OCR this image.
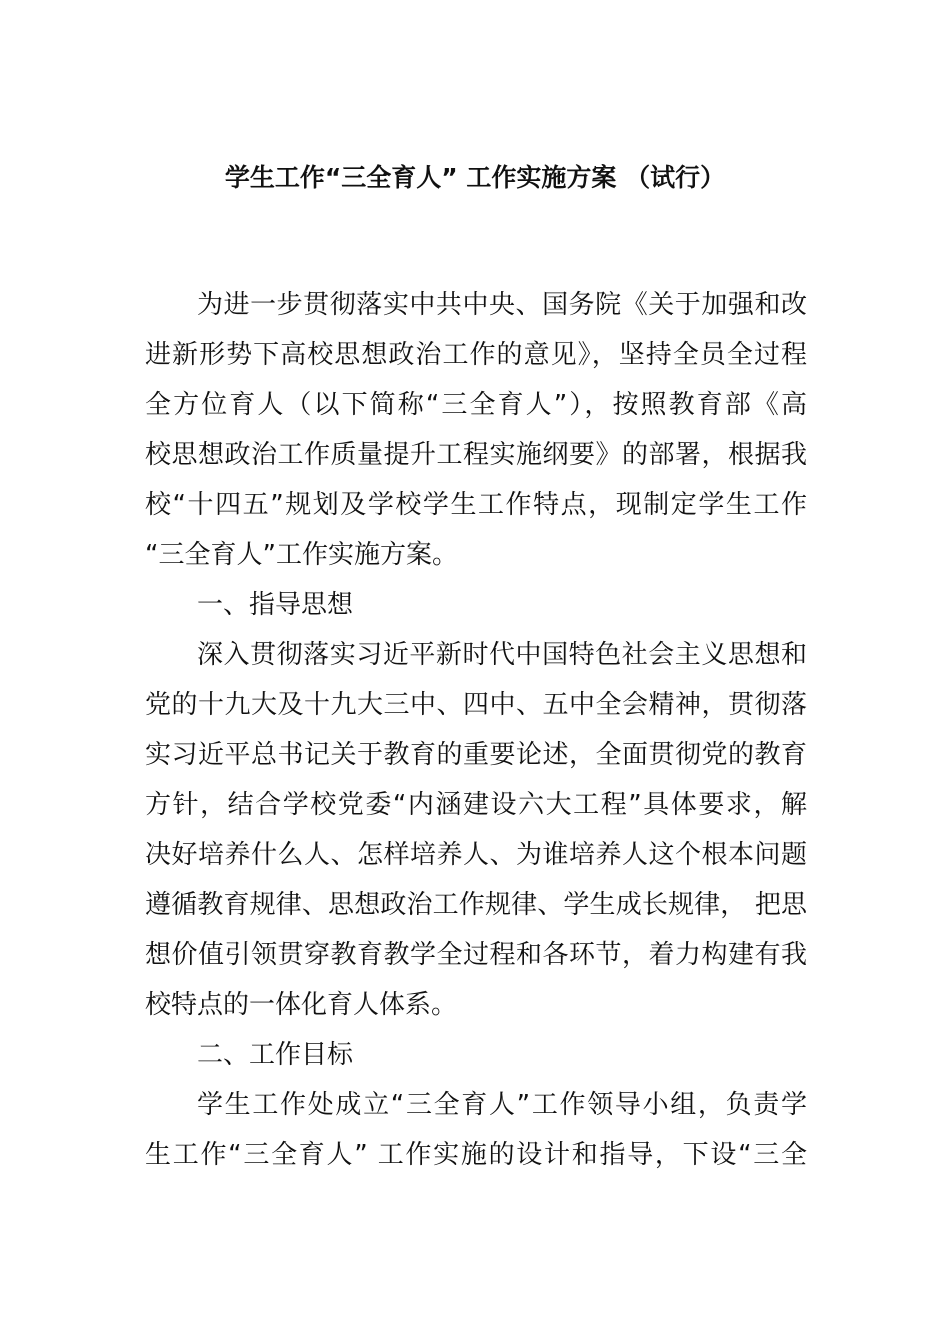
学生工作“三全育人” 工作实施方案 （试行）
为进一步贯彻落实中共中央、国务院《关于加强和改
进新形势下高校思想政治工作的意见》，坚持全员全过程
全方位育人（以下简称“三全育人”），按照教育部《高
校思想政治工作质量提升工程实施纲要》的部署，根据我
校“十四五”规划及学校学生工作特点，现制定学生工作
“三全育人”工作实施方案。
一、指导思想
深入贯彻落实习近平新时代中国特色社会主义思想和
党的十九大及十九大三中、四中、五中全会精神，贯彻落
实习近平总书记关于教育的重要论述，全面贯彻党的教育
方针，结合学校党委“内涵建设六大工程”具体要求，解
决好培养什么人、怎样培养人、为谁培养人这个根本问题
遵循教育规律、思想政治工作规律、学生成长规律， 把思
想价值引领贯穿教育教学全过程和各环节，着力构建有我
校特点的一体化育人体系。
二、工作目标
学生工作处成立“三全育人”工作领导小组，负责学
生工作“三全育人” 工作实施的设计和指导，下设“三全
